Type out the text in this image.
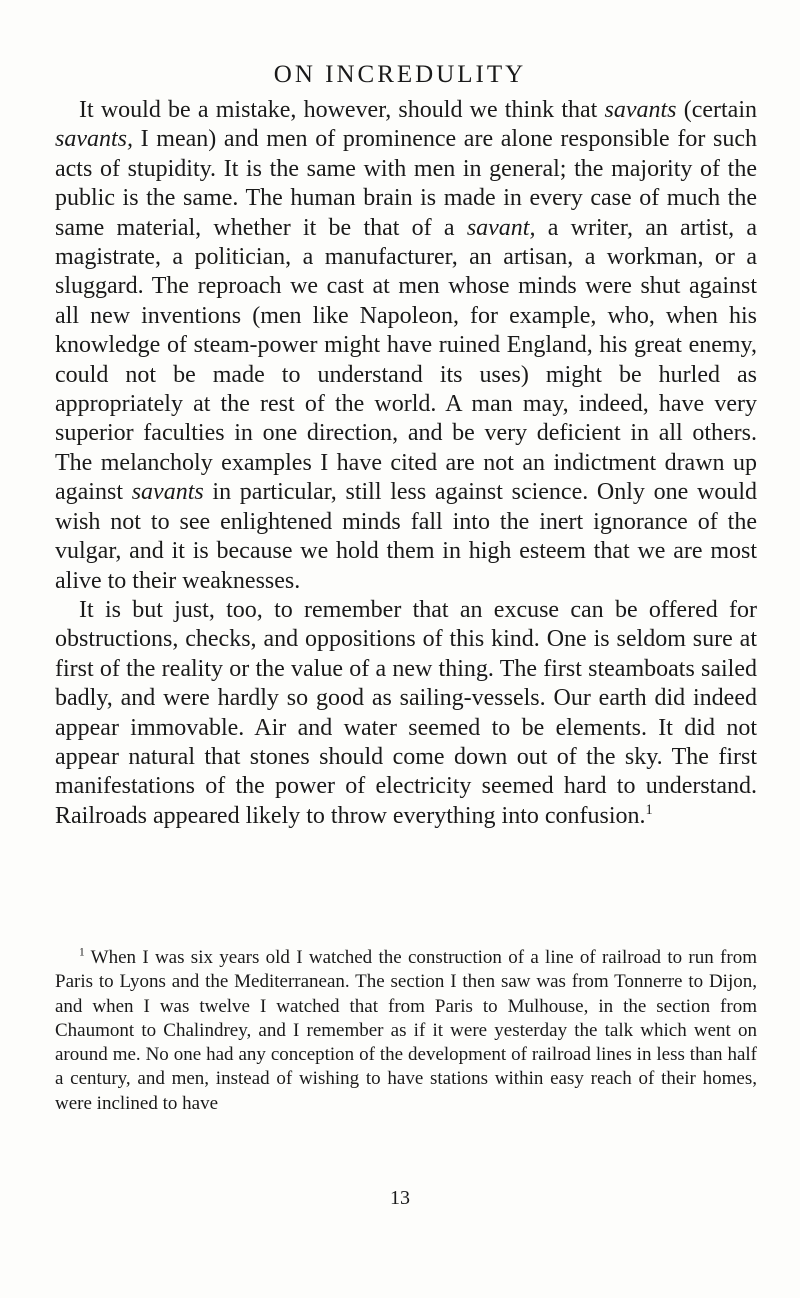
ON INCREDULITY

It would be a mistake, however, should we think that savants (certain savants, I mean) and men of prominence are alone responsible for such acts of stupidity. It is the same with men in general; the majority of the public is the same. The human brain is made in every case of much the same material, whether it be that of a savant, a writer, an artist, a magistrate, a politician, a manufacturer, an artisan, a workman, or a sluggard. The reproach we cast at men whose minds were shut against all new inventions (men like Napoleon, for example, who, when his knowledge of steam-power might have ruined England, his great enemy, could not be made to understand its uses) might be hurled as appropriately at the rest of the world. A man may, indeed, have very superior faculties in one direction, and be very deficient in all others. The melancholy examples I have cited are not an indictment drawn up against savants in particular, still less against science. Only one would wish not to see enlightened minds fall into the inert ignorance of the vulgar, and it is because we hold them in high esteem that we are most alive to their weaknesses.

It is but just, too, to remember that an excuse can be offered for obstructions, checks, and oppositions of this kind. One is seldom sure at first of the reality or the value of a new thing. The first steamboats sailed badly, and were hardly so good as sailing-vessels. Our earth did indeed appear immovable. Air and water seemed to be elements. It did not appear natural that stones should come down out of the sky. The first manifestations of the power of electricity seemed hard to understand. Railroads appeared likely to throw everything into confusion.$^1$

$^1$ When I was six years old I watched the construction of a line of railroad to run from Paris to Lyons and the Mediterranean. The section I then saw was from Tonnerre to Dijon, and when I was twelve I watched that from Paris to Mulhouse, in the section from Chaumont to Chalindrey, and I remember as if it were yesterday the talk which went on around me. No one had any conception of the development of railroad lines in less than half a century, and men, instead of wishing to have stations within easy reach of their homes, were inclined to have

13
